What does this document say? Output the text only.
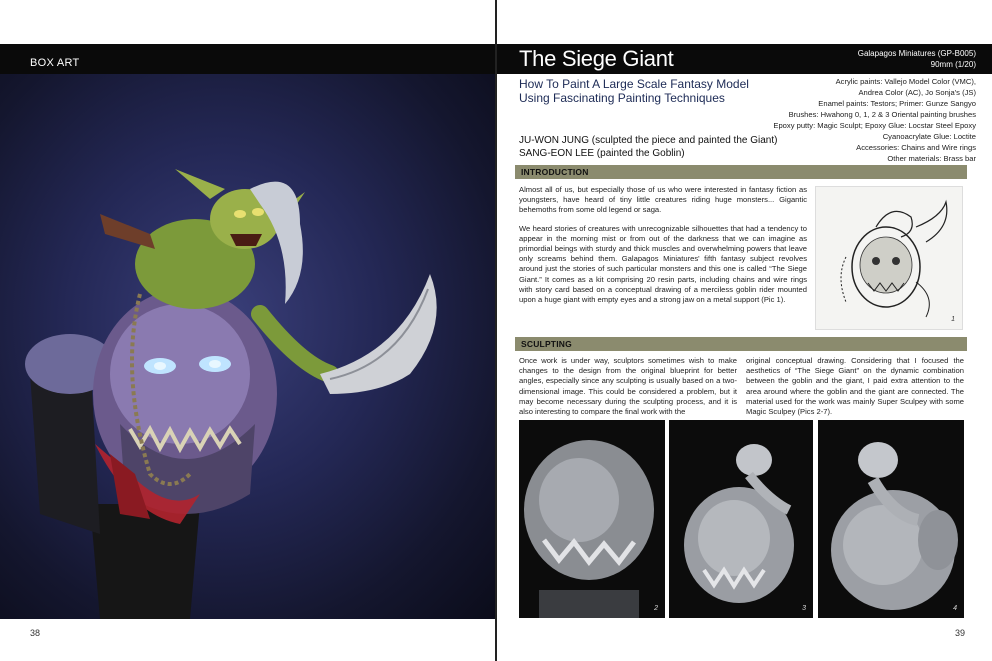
BOX ART
38
The Siege Giant	Galapagos Miniatures (GP-B005)
90mm (1/20)
How To Paint A Large Scale Fantasy Model
Using Fascinating Painting Techniques
JU-WON JUNG (sculpted the piece and painted the Giant)
SANG-EON LEE (painted the Goblin)
Acrylic paints: Vallejo Model Color (VMC),
Andrea Color (AC), Jo Sonja's (JS)
Enamel paints: Testors; Primer: Gunze Sangyo
Brushes: Hwahong 0, 1, 2 & 3 Oriental painting brushes
Epoxy putty: Magic Sculpt; Epoxy Glue: Locstar Steel Epoxy
Cyanoacrylate Glue: Loctite
Accessories: Chains and Wire rings
Other materials: Brass bar
INTRODUCTION

Almost all of us, but especially those of us who were interested in fantasy fiction as youngsters, have heard of tiny little creatures riding huge monsters... Gigantic behemoths from some old legend or saga.

We heard stories of creatures with unrecognizable silhouettes that had a tendency to appear in the morning mist or from out of the darkness that we can imagine as primordial beings with sturdy and thick muscles and overwhelming powers that leave only screams behind them. Galapagos Miniatures' fifth fantasy subject revolves around just the stories of such particular monsters and this one is called “The Siege Giant.” It comes as a kit comprising 20 resin parts, including chains and wire rings with story card based on a conceptual drawing of a merciless goblin rider mounted upon a huge giant with empty eyes and a strong jaw on a metal support (Pic 1).

1
SCULPTING
Once work is under way, sculptors sometimes wish to make changes to the design from the original blueprint for better angles, especially since any sculpting is usually based on a two-dimensional image. This could be considered a problem, but it may become necessary during the sculpting process, and it is also interesting to compare the final work with the
original conceptual drawing. Considering that I focused the aesthetics of “The Siege Giant” on the dynamic combination between the goblin and the giant, I paid extra attention to the area around where the goblin and the giant are connected. The material used for the work was mainly Super Sculpey with some Magic Sculpey (Pics 2-7).
2	3	4
39
